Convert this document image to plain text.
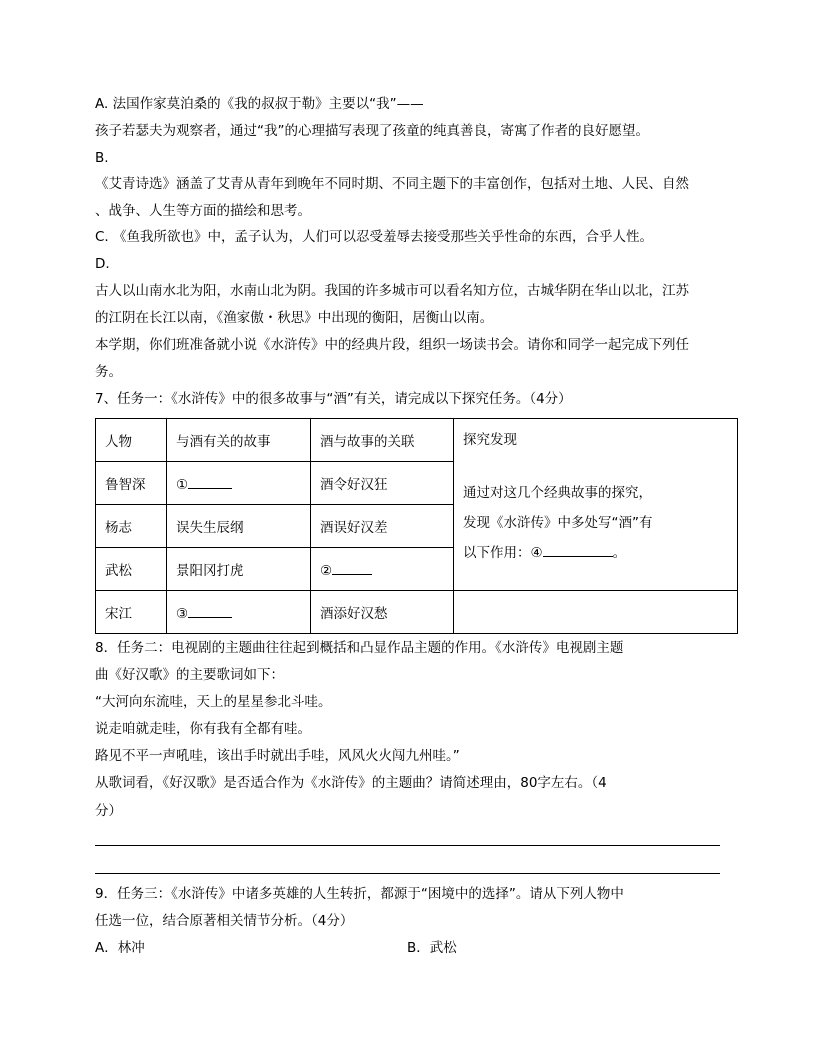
A. 法国作家莫泊桑的《我的叔叔于勒》主要以“我”——
孩子若瑟夫为观察者，通过“我”的心理描写表现了孩童的纯真善良，寄寓了作者的良好愿望。
B.
《艾青诗选》涵盖了艾青从青年到晚年不同时期、不同主题下的丰富创作，包括对土地、人民、自然
、战争、人生等方面的描绘和思考。
C. 《鱼我所欲也》中，孟子认为，人们可以忍受羞辱去接受那些关乎性命的东西，合乎人性。
D.
古人以山南水北为阳，水南山北为阴。我国的许多城市可以看名知方位，古城华阴在华山以北，江苏
的江阴在长江以南，《渔家傲・秋思》中出现的衡阳，居衡山以南。
本学期，你们班准备就小说《水浒传》中的经典片段，组织一场读书会。请你和同学一起完成下列任
务。
7、任务一：《水浒传》中的很多故事与“酒”有关，请完成以下探究任务。（4分）
人物	与酒有关的故事	酒与故事的关联	探究发现
通过对这几个经典故事的探究，
发现《水浒传》中多处写“酒”有
以下作用：④ 。

鲁智深	①	酒令好汉狂	
杨志	误失生辰纲	酒误好汉差	
武松	景阳冈打虎	②	
宋江	③	酒添好汉愁	
8．任务二：电视剧的主题曲往往起到概括和凸显作品主题的作用。《水浒传》电视剧主题
曲《好汉歌》的主要歌词如下：
“大河向东流哇，天上的星星参北斗哇。
说走咱就走哇，你有我有全都有哇。
路见不平一声吼哇，该出手时就出手哇，风风火火闯九州哇。”
从歌词看，《好汉歌》是否适合作为《水浒传》的主题曲？请简述理由，80字左右。（4
分）
9．任务三：《水浒传》中诸多英雄的人生转折，都源于“困境中的选择”。请从下列人物中
任选一位，结合原著相关情节分析。（4分）
A．林冲	B．武松
